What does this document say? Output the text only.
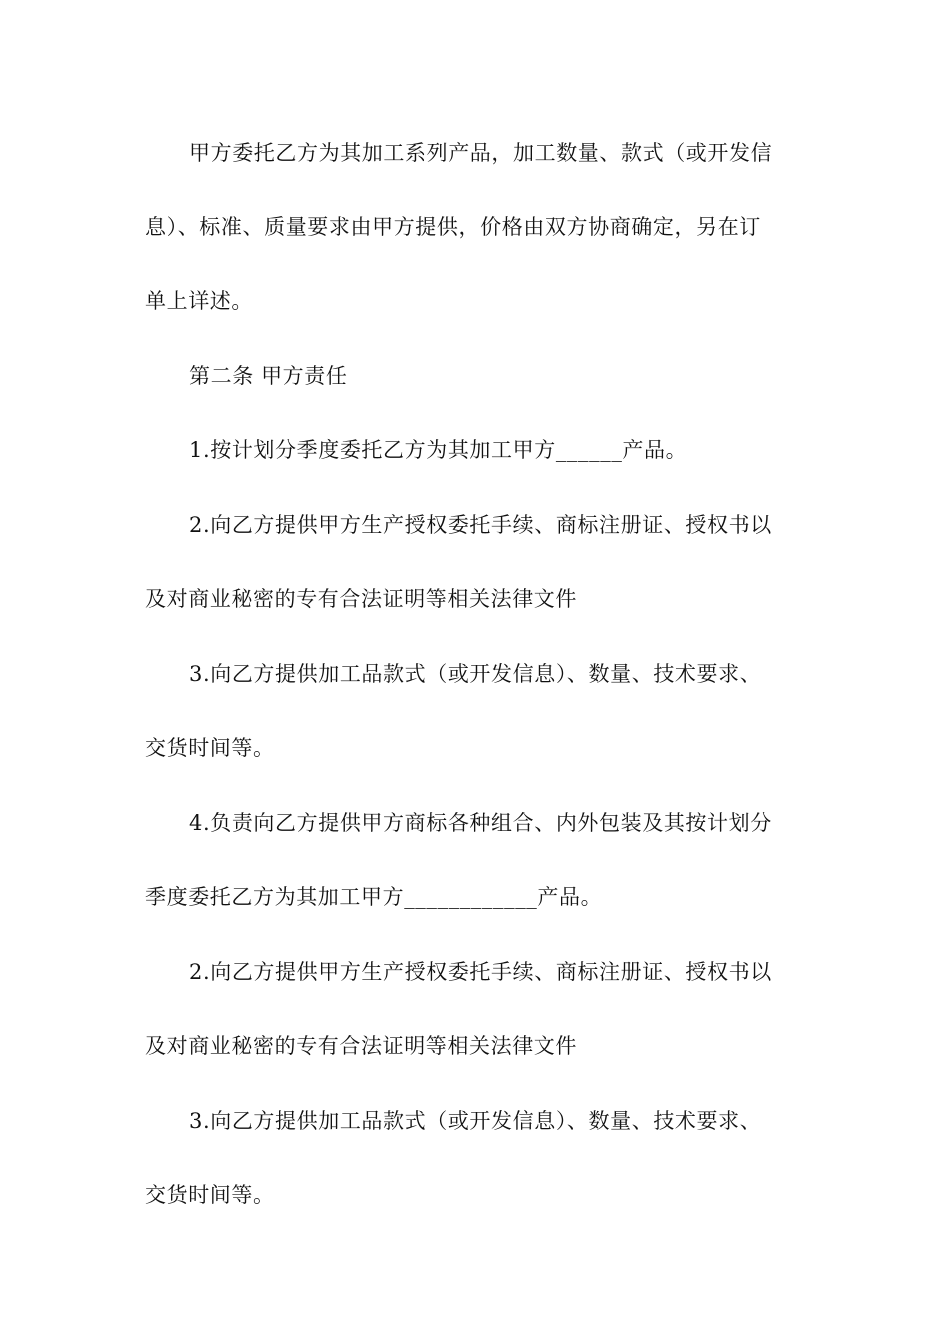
甲方委托乙方为其加工系列产品，加工数量、款式（或开发信
息）、标准、质量要求由甲方提供，价格由双方协商确定，另在订
单上详述。
第二条 甲方责任
1.按计划分季度委托乙方为其加工甲方______产品。
2.向乙方提供甲方生产授权委托手续、商标注册证、授权书以
及对商业秘密的专有合法证明等相关法律文件
3.向乙方提供加工品款式（或开发信息）、数量、技术要求、
交货时间等。
4.负责向乙方提供甲方商标各种组合、内外包装及其按计划分
季度委托乙方为其加工甲方____________产品。
2.向乙方提供甲方生产授权委托手续、商标注册证、授权书以
及对商业秘密的专有合法证明等相关法律文件
3.向乙方提供加工品款式（或开发信息）、数量、技术要求、
交货时间等。
